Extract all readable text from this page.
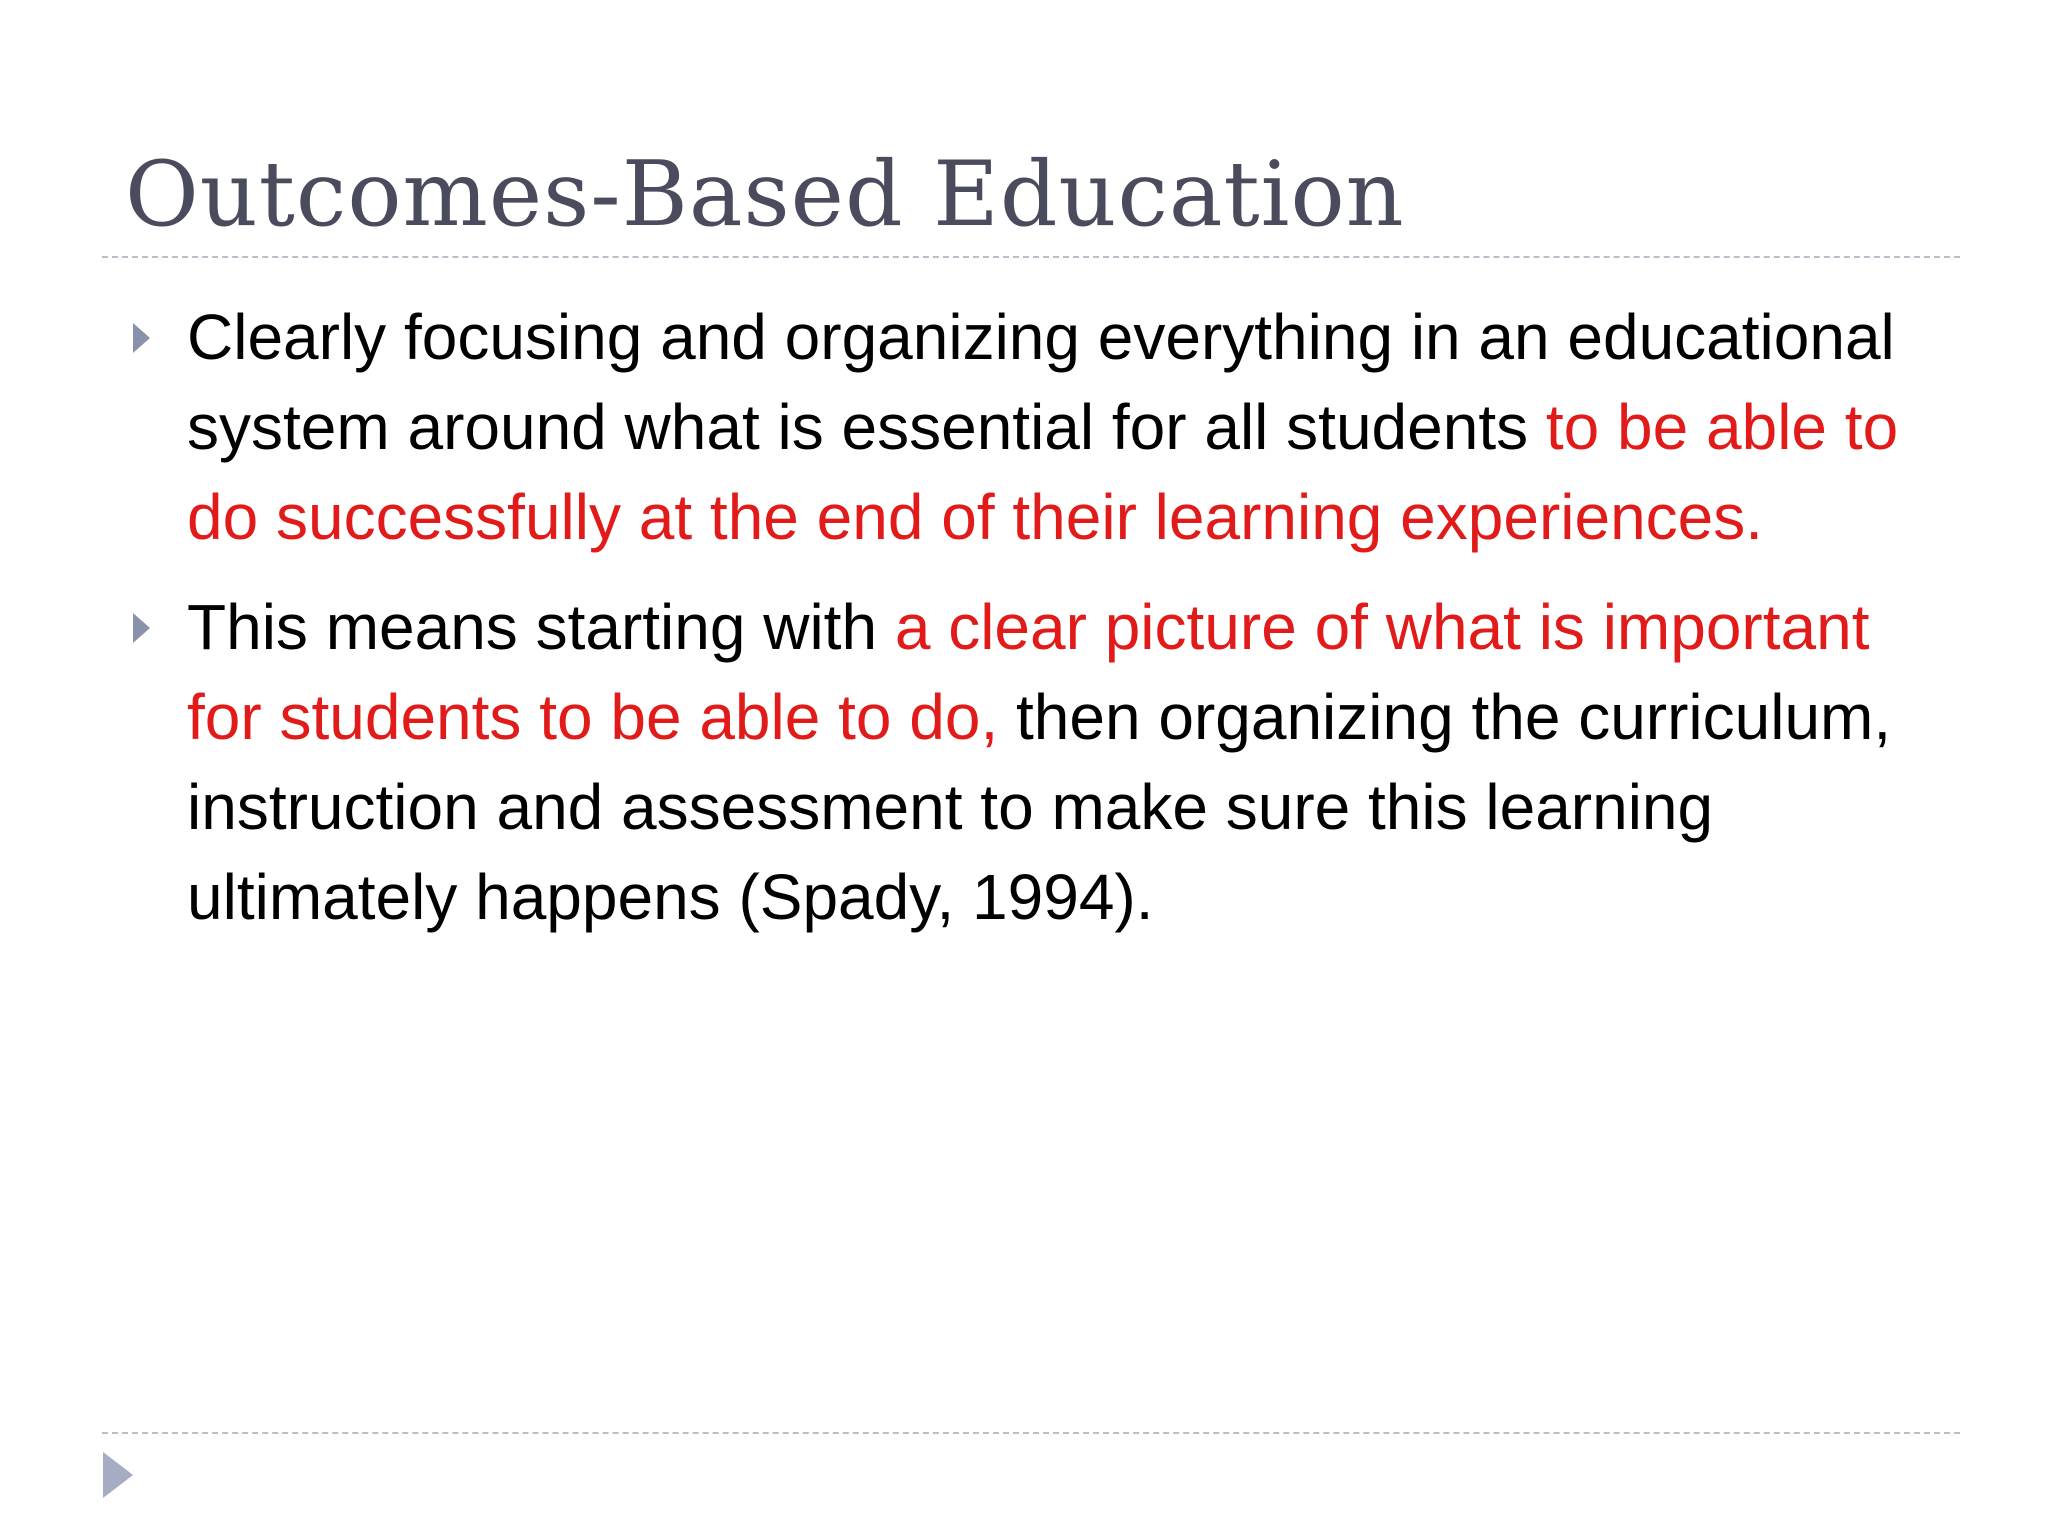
Outcomes-Based Education
Clearly focusing and organizing everything in an educational system around what is essential for all students to be able to do successfully at the end of their learning experiences.
This means starting with a clear picture of what is important for students to be able to do, then organizing the curriculum, instruction and assessment to make sure this learning ultimately happens (Spady, 1994).
